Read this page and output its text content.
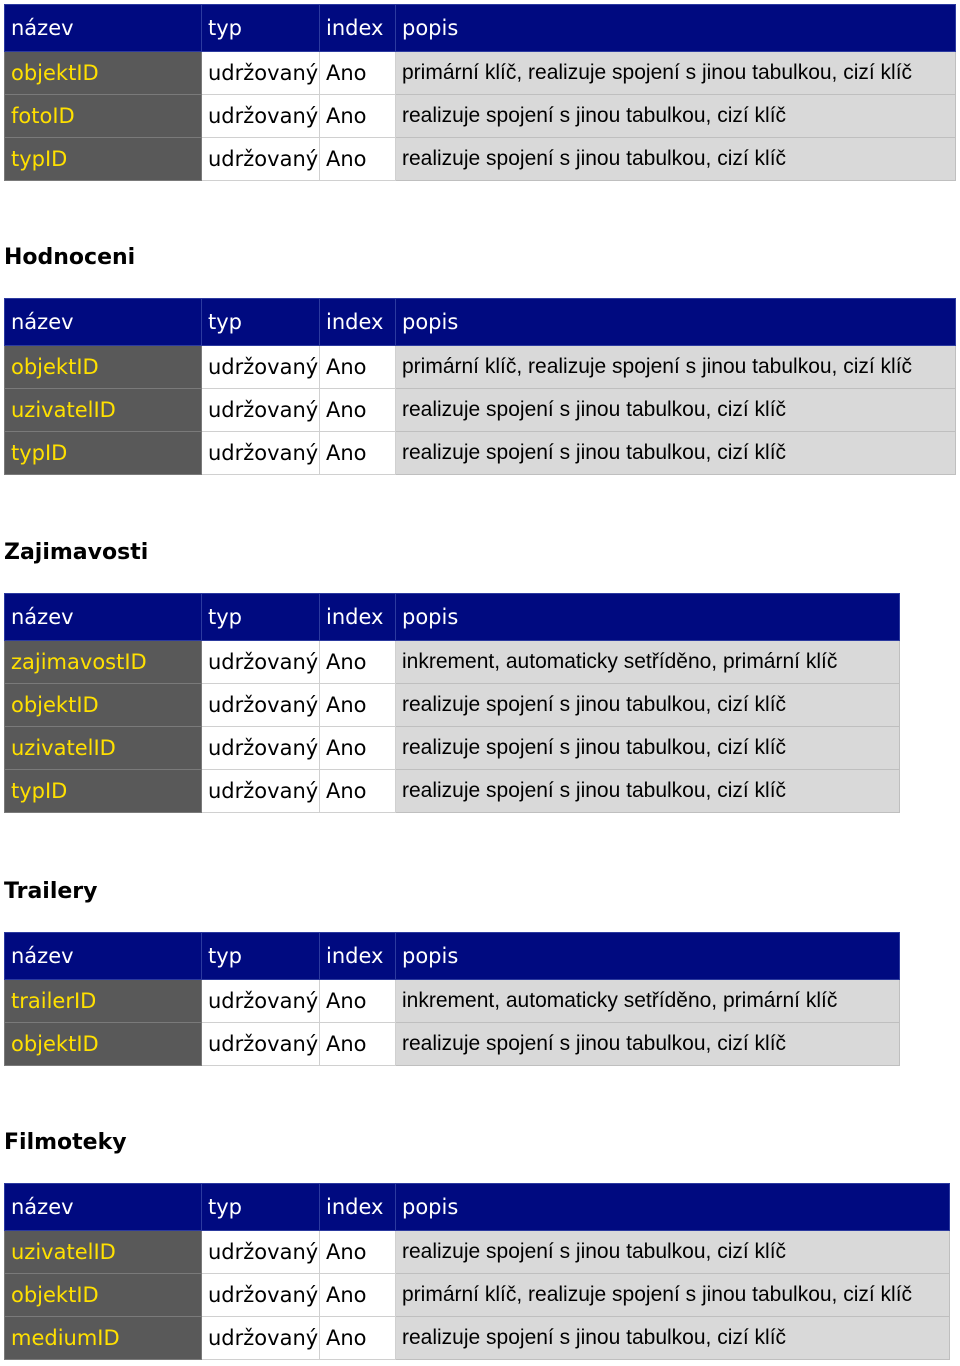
název	typ	index	popis
objektID	udržovaný	Ano	primární klíč, realizuje spojení s jinou tabulkou, cizí klíč
fotoID	udržovaný	Ano	realizuje spojení s jinou tabulkou, cizí klíč
typID	udržovaný	Ano	realizuje spojení s jinou tabulkou, cizí klíč
Hodnoceni
název	typ	index	popis
objektID	udržovaný	Ano	primární klíč, realizuje spojení s jinou tabulkou, cizí klíč
uzivatelID	udržovaný	Ano	realizuje spojení s jinou tabulkou, cizí klíč
typID	udržovaný	Ano	realizuje spojení s jinou tabulkou, cizí klíč
Zajimavosti
název	typ	index	popis
zajimavostID	udržovaný	Ano	inkrement, automaticky setříděno, primární klíč
objektID	udržovaný	Ano	realizuje spojení s jinou tabulkou, cizí klíč
uzivatelID	udržovaný	Ano	realizuje spojení s jinou tabulkou, cizí klíč
typID	udržovaný	Ano	realizuje spojení s jinou tabulkou, cizí klíč
Trailery
název	typ	index	popis
trailerID	udržovaný	Ano	inkrement, automaticky setříděno, primární klíč
objektID	udržovaný	Ano	realizuje spojení s jinou tabulkou, cizí klíč
Filmoteky
název	typ	index	popis
uzivatelID	udržovaný	Ano	realizuje spojení s jinou tabulkou, cizí klíč
objektID	udržovaný	Ano	primární klíč, realizuje spojení s jinou tabulkou, cizí klíč
mediumID	udržovaný	Ano	realizuje spojení s jinou tabulkou, cizí klíč
